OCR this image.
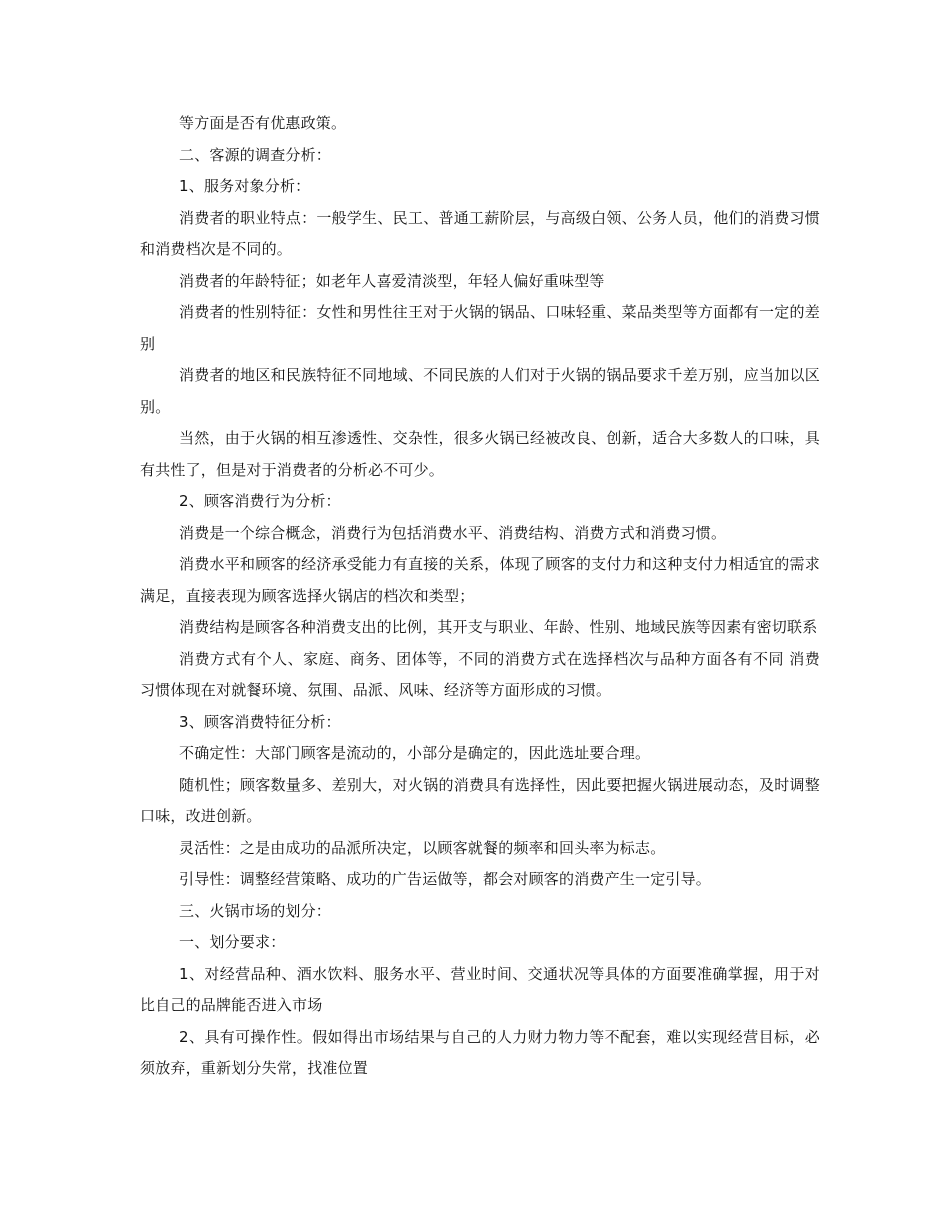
等方面是否有优惠政策。

二、客源的调查分析：

1、服务对象分析：

消费者的职业特点：一般学生、民工、普通工薪阶层，与高级白领、公务人员，他们的消费习惯和消费档次是不同的。

消费者的年龄特征；如老年人喜爱清淡型，年轻人偏好重味型等

消费者的性别特征：女性和男性往王对于火锅的锅品、口味轻重、菜品类型等方面都有一定的差别

消费者的地区和民族特征不同地域、不同民族的人们对于火锅的锅品要求千差万别，应当加以区别。

当然，由于火锅的相互渗透性、交杂性，很多火锅已经被改良、创新，适合大多数人的口味，具有共性了，但是对于消费者的分析必不可少。

2、顾客消费行为分析：

消费是一个综合概念，消费行为包括消费水平、消费结构、消费方式和消费习惯。

消费水平和顾客的经济承受能力有直接的关系，体现了顾客的支付力和这种支付力相适宜的需求满足，直接表现为顾客选择火锅店的档次和类型；

消费结构是顾客各种消费支出的比例，其开支与职业、年龄、性别、地域民族等因素有密切联系

消费方式有个人、家庭、商务、团体等，不同的消费方式在选择档次与品种方面各有不同 消费习惯体现在对就餐环境、氛围、品派、风味、经济等方面形成的习惯。

3、顾客消费特征分析：

不确定性：大部门顾客是流动的，小部分是确定的，因此选址要合理。

随机性；顾客数量多、差别大，对火锅的消费具有选择性，因此要把握火锅进展动态，及时调整口味，改进创新。

灵活性：之是由成功的品派所决定，以顾客就餐的频率和回头率为标志。

引导性：调整经营策略、成功的广告运做等，都会对顾客的消费产生一定引导。

三、火锅市场的划分：

一、划分要求：

1、对经营品种、酒水饮料、服务水平、营业时间、交通状况等具体的方面要准确掌握，用于对比自己的品牌能否进入市场

2、具有可操作性。假如得出市场结果与自己的人力财力物力等不配套，难以实现经营目标，必须放弃，重新划分失常，找准位置
